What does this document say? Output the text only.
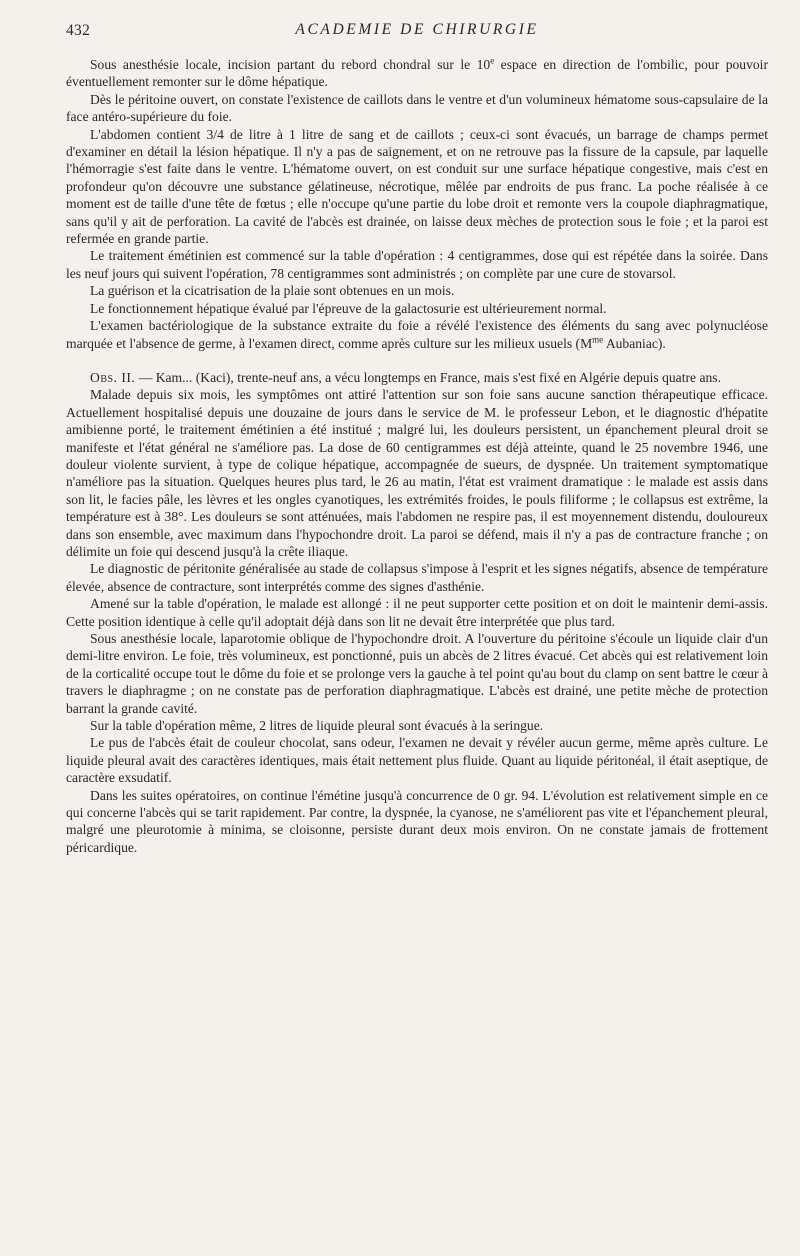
432	ACADEMIE DE CHIRURGIE

Sous anesthésie locale, incision partant du rebord chondral sur le 10e espace en direction de l'ombilic, pour pouvoir éventuellement remonter sur le dôme hépatique.

Dès le péritoine ouvert, on constate l'existence de caillots dans le ventre et d'un volumineux hématome sous-capsulaire de la face antéro-supérieure du foie.

L'abdomen contient 3/4 de litre à 1 litre de sang et de caillots ; ceux-ci sont évacués, un barrage de champs permet d'examiner en détail la lésion hépatique. Il n'y a pas de saignement, et on ne retrouve pas la fissure de la capsule, par laquelle l'hémorragie s'est faite dans le ventre. L'hématome ouvert, on est conduit sur une surface hépatique congestive, mais c'est en profondeur qu'on découvre une substance gélatineuse, nécrotique, mêlée par endroits de pus franc. La poche réalisée à ce moment est de taille d'une tête de fœtus ; elle n'occupe qu'une partie du lobe droit et remonte vers la coupole diaphragmatique, sans qu'il y ait de perforation. La cavité de l'abcès est drainée, on laisse deux mèches de protection sous le foie ; et la paroi est refermée en grande partie.

Le traitement émétinien est commencé sur la table d'opération : 4 centigrammes, dose qui est répétée dans la soirée. Dans les neuf jours qui suivent l'opération, 78 centigrammes sont administrés ; on complète par une cure de stovarsol.

La guérison et la cicatrisation de la plaie sont obtenues en un mois.

Le fonctionnement hépatique évalué par l'épreuve de la galactosurie est ultérieurement normal.

L'examen bactériologique de la substance extraite du foie a révélé l'existence des éléments du sang avec polynucléose marquée et l'absence de germe, à l'examen direct, comme après culture sur les milieux usuels ($M^{me}$ Aubaniac).

Obs. II. — Kam... (Kaci), trente-neuf ans, a vécu longtemps en France, mais s'est fixé en Algérie depuis quatre ans.

Malade depuis six mois, les symptômes ont attiré l'attention sur son foie sans aucune sanction thérapeutique efficace. Actuellement hospitalisé depuis une douzaine de jours dans le service de M. le professeur Lebon, et le diagnostic d'hépatite amibienne porté, le traitement émétinien a été institué ; malgré lui, les douleurs persistent, un épanchement pleural droit se manifeste et l'état général ne s'améliore pas. La dose de 60 centigrammes est déjà atteinte, quand le 25 novembre 1946, une douleur violente survient, à type de colique hépatique, accompagnée de sueurs, de dyspnée. Un traitement symptomatique n'améliore pas la situation. Quelques heures plus tard, le 26 au matin, l'état est vraiment dramatique : le malade est assis dans son lit, le facies pâle, les lèvres et les ongles cyanotiques, les extrémités froides, le pouls filiforme ; le collapsus est extrême, la température est à 38°. Les douleurs se sont atténuées, mais l'abdomen ne respire pas, il est moyennement distendu, douloureux dans son ensemble, avec maximum dans l'hypochondre droit. La paroi se défend, mais il n'y a pas de contracture franche ; on délimite un foie qui descend jusqu'à la crête iliaque.

Le diagnostic de péritonite généralisée au stade de collapsus s'impose à l'esprit et les signes négatifs, absence de température élevée, absence de contracture, sont interprétés comme des signes d'asthénie.

Amené sur la table d'opération, le malade est allongé : il ne peut supporter cette position et on doit le maintenir demi-assis. Cette position identique à celle qu'il adoptait déjà dans son lit ne devait être interprétée que plus tard.

Sous anesthésie locale, laparotomie oblique de l'hypochondre droit. A l'ouverture du péritoine s'écoule un liquide clair d'un demi-litre environ. Le foie, très volumineux, est ponctionné, puis un abcès de 2 litres évacué. Cet abcès qui est relativement loin de la corticalité occupe tout le dôme du foie et se prolonge vers la gauche à tel point qu'au bout du clamp on sent battre le cœur à travers le diaphragme ; on ne constate pas de perforation diaphragmatique. L'abcès est drainé, une petite mèche de protection barrant la grande cavité.

Sur la table d'opération même, 2 litres de liquide pleural sont évacués à la seringue.

Le pus de l'abcès était de couleur chocolat, sans odeur, l'examen ne devait y révéler aucun germe, même après culture. Le liquide pleural avait des caractères identiques, mais était nettement plus fluide. Quant au liquide péritonéal, il était aseptique, de caractère exsudatif.

Dans les suites opératoires, on continue l'émétine jusqu'à concurrence de 0 gr. 94. L'évolution est relativement simple en ce qui concerne l'abcès qui se tarit rapidement. Par contre, la dyspnée, la cyanose, ne s'améliorent pas vite et l'épanchement pleural, malgré une pleurotomie à minima, se cloisonne, persiste durant deux mois environ. On ne constate jamais de frottement péricardique.
